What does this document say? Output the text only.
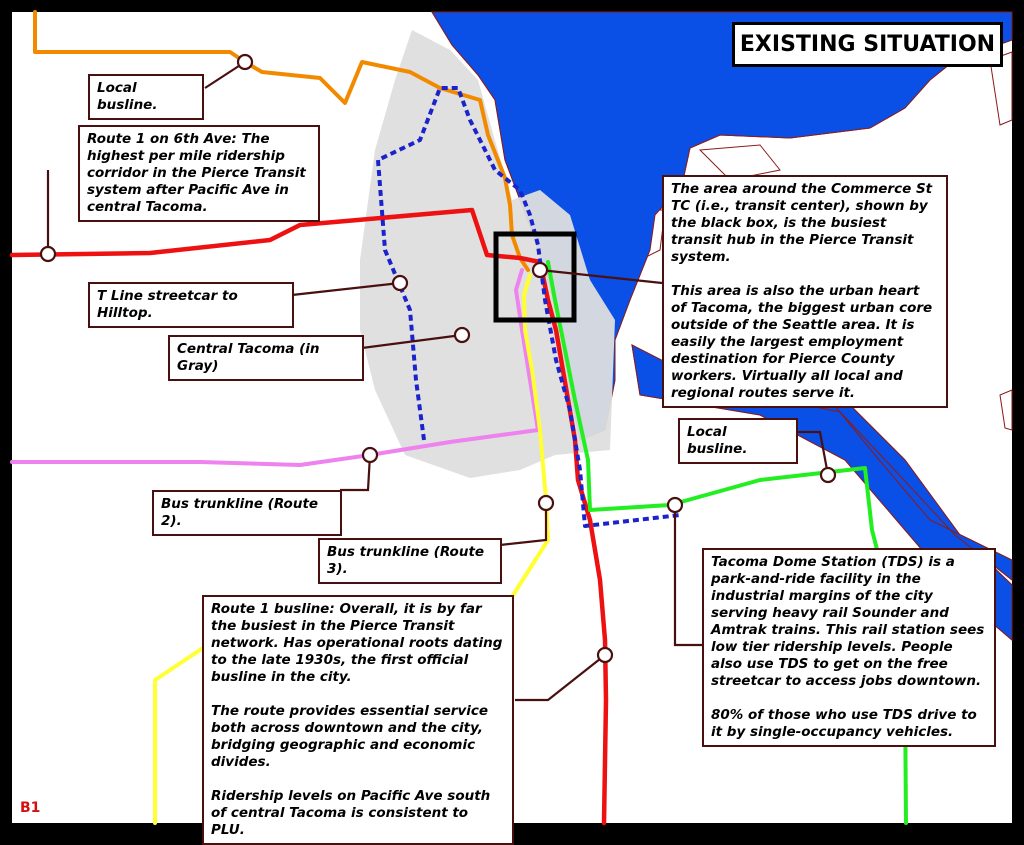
EXISTING SITUATION

Local busline.

Route 1 on 6th Ave: The highest per mile ridership corridor in the Pierce Transit system after Pacific Ave in central Tacoma.

T Line streetcar to Hilltop.

Central Tacoma (in Gray)

The area around the Commerce St TC (i.e., transit center), shown by the black box, is the busiest transit hub in the Pierce Transit system.

This area is also the urban heart of Tacoma, the biggest urban core outside of the Seattle area. It is easily the largest employment destination for Pierce County workers. Virtually all local and regional routes serve it.

Local busline.

Bus trunkline (Route 2).

Bus trunkline (Route 3).	Tacoma Dome Station (TDS) is a park-and-ride facility in the industrial margins of the city serving heavy rail Sounder and Amtrak trains. This rail station sees low tier ridership levels. People also use TDS to get on the free streetcar to access jobs downtown.

80% of those who use TDS drive to it by single-occupancy vehicles.

Route 1 busline: Overall, it is by far the busiest in the Pierce Transit network. Has operational roots dating to the late 1930s, the first official busline in the city.

The route provides essential service both across downtown and the city, bridging geographic and economic divides.

Ridership levels on Pacific Ave south of central Tacoma is consistent to PLU.

B1
